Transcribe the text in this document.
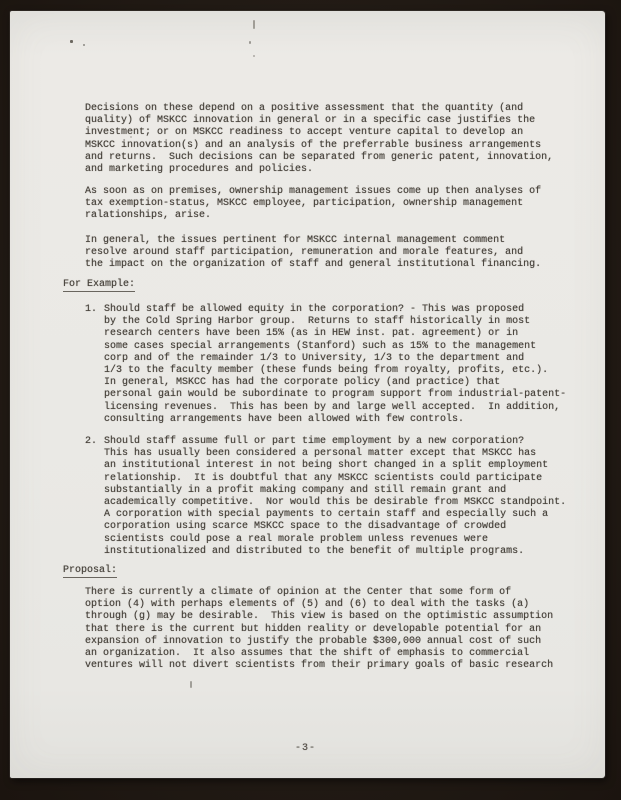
Decisions on these depend on a positive assessment that the quantity (and
quality) of MSKCC innovation in general or in a specific case justifies the
investment; or on MSKCC readiness to accept venture capital to develop an
MSKCC innovation(s) and an analysis of the preferrable business arrangements
and returns.  Such decisions can be separated from generic patent, innovation,
and marketing procedures and policies.
As soon as on premises, ownership management issues come up then analyses of
tax exemption-status, MSKCC employee, participation, ownership management
ralationships, arise.
In general, the issues pertinent for MSKCC internal management comment
resolve around staff participation, remuneration and morale features, and
the impact on the organization of staff and general institutional financing.
For Example:
1. Should staff be allowed equity in the corporation? - This was proposed
by the Cold Spring Harbor group.  Returns to staff historically in most
research centers have been 15% (as in HEW inst. pat. agreement) or in
some cases special arrangements (Stanford) such as 15% to the management
corp and of the remainder 1/3 to University, 1/3 to the department and
1/3 to the faculty member (these funds being from royalty, profits, etc.).
In general, MSKCC has had the corporate policy (and practice) that
personal gain would be subordinate to program support from industrial-patent-
licensing revenues.  This has been by and large well accepted.  In addition,
consulting arrangements have been allowed with few controls.
2. Should staff assume full or part time employment by a new corporation?
This has usually been considered a personal matter except that MSKCC has
an institutional interest in not being short changed in a split employment
relationship.  It is doubtful that any MSKCC scientists could participate
substantially in a profit making company and still remain grant and
academically competitive.  Nor would this be desirable from MSKCC standpoint.
A corporation with special payments to certain staff and especially such a
corporation using scarce MSKCC space to the disadvantage of crowded
scientists could pose a real morale problem unless revenues were
institutionalized and distributed to the benefit of multiple programs.
Proposal:
There is currently a climate of opinion at the Center that some form of
option (4) with perhaps elements of (5) and (6) to deal with the tasks (a)
through (g) may be desirable.  This view is based on the optimistic assumption
that there is the current but hidden reality or developable potential for an
expansion of innovation to justify the probable $300,000 annual cost of such
an organization.  It also assumes that the shift of emphasis to commercial
ventures will not divert scientists from their primary goals of basic research
-3-
